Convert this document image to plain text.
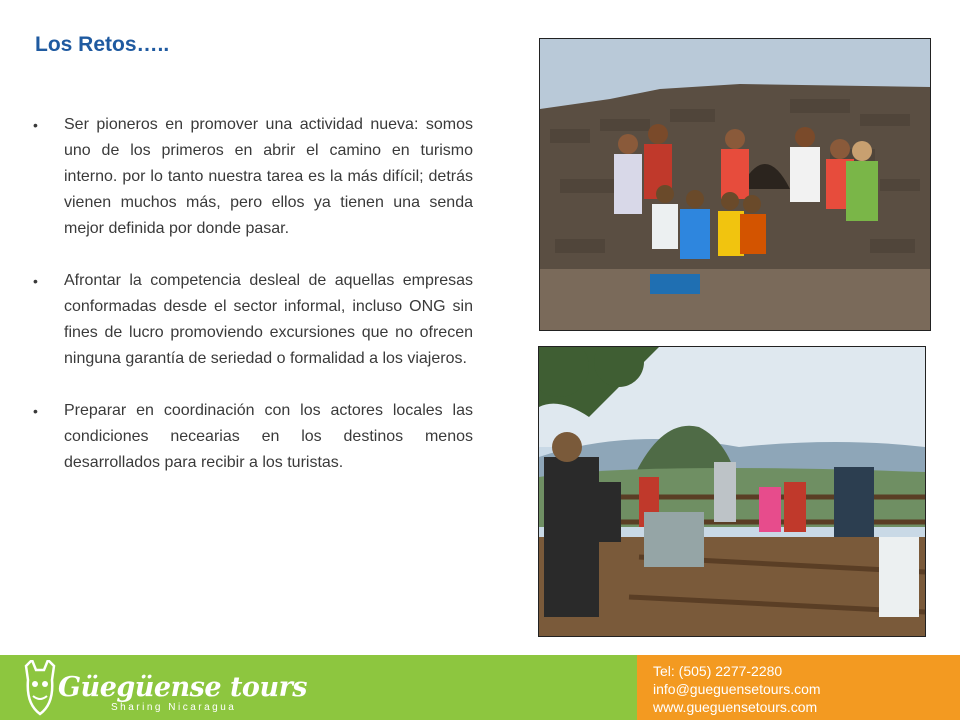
Los Retos…..
• Ser pioneros en promover una actividad nueva: somos uno de los primeros en abrir el camino en turismo interno. por lo tanto nuestra tarea es la más difícil; detrás vienen muchos más, pero ellos ya tienen una senda mejor definida por donde pasar.
• Afrontar la competencia desleal de aquellas empresas conformadas desde el sector informal, incluso ONG sin fines de lucro promoviendo excursiones que no ofrecen ninguna garantía de seriedad o formalidad a los viajeros.
• Preparar en coordinación con los actores locales las condiciones necearias en los destinos menos desarrollados para recibir a los turistas.
Güegüense tours
Sharing Nicaragua
Tel: (505) 2277-2280
info@gueguensetours.com
www.gueguensetours.com
